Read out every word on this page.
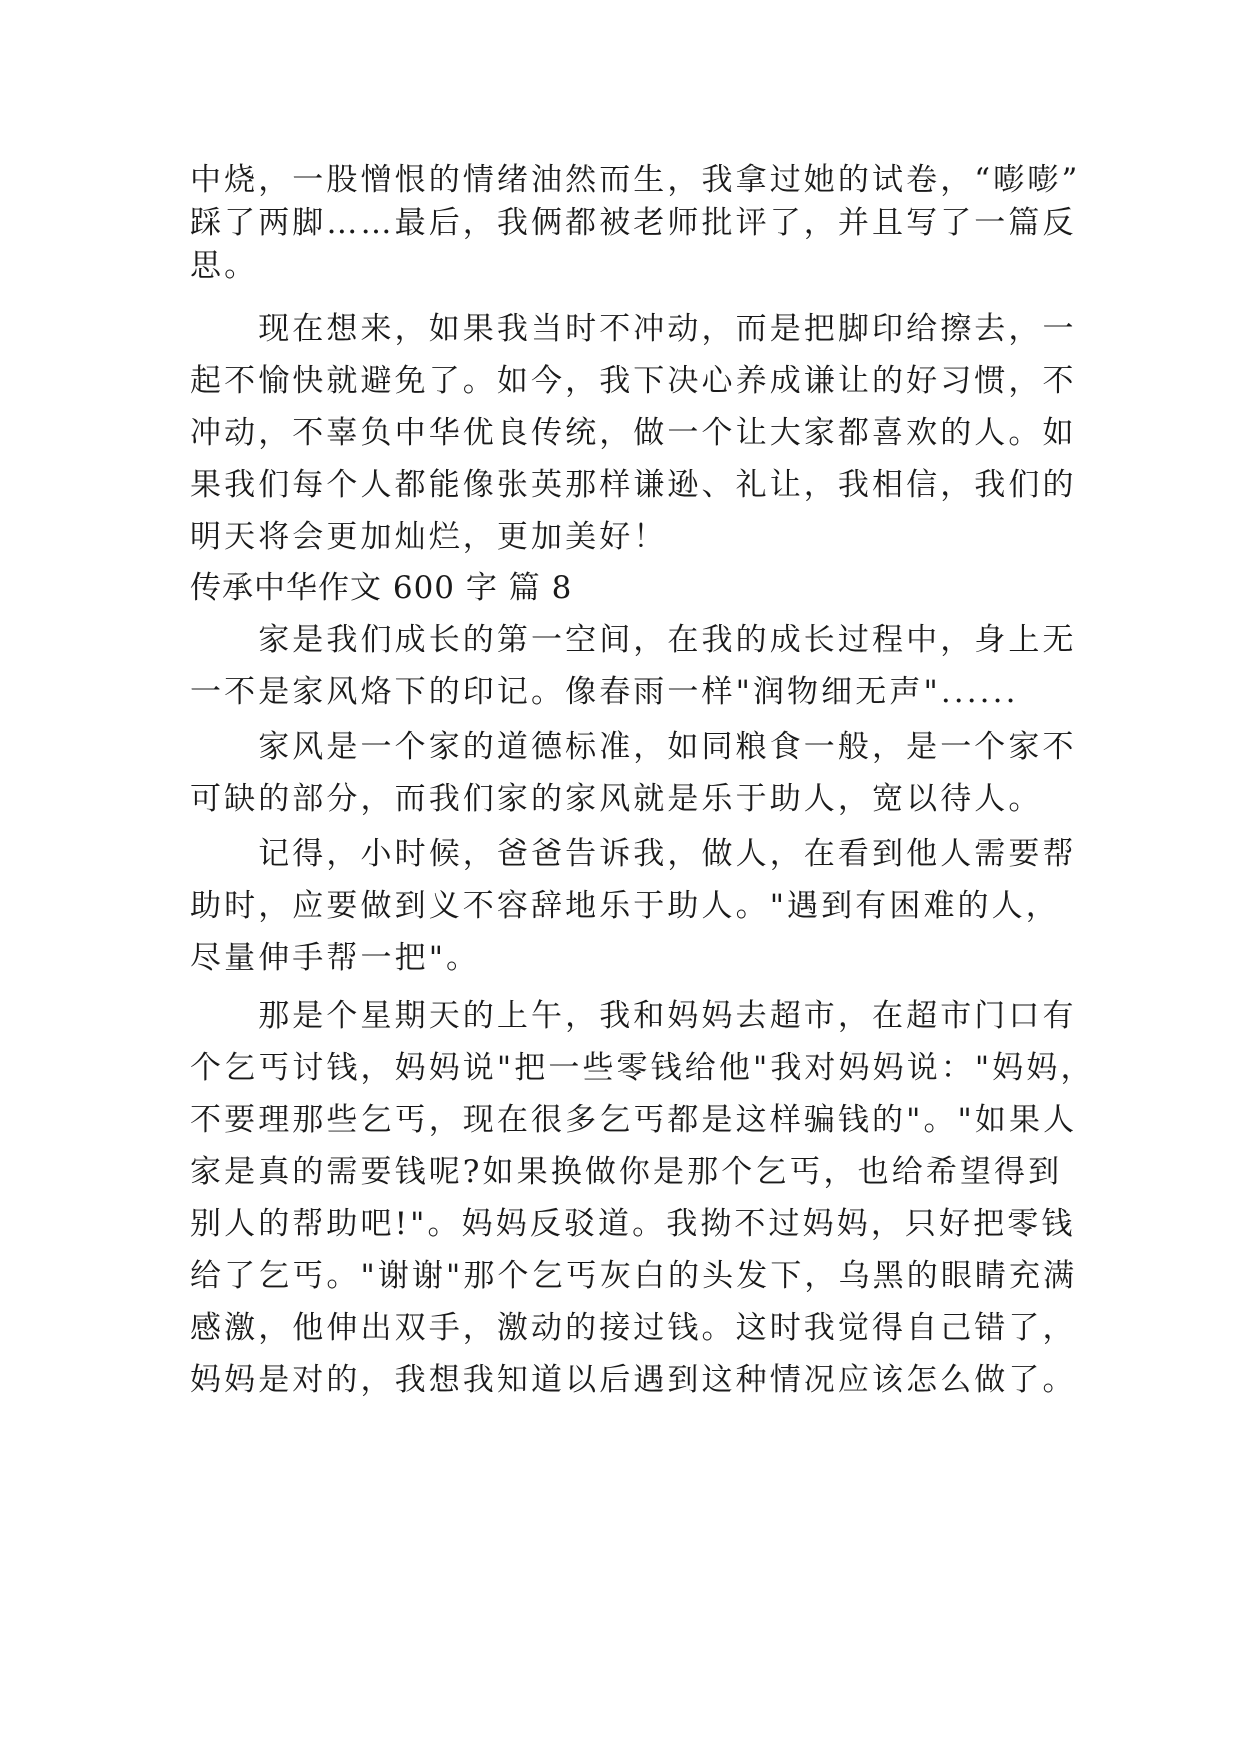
中烧，一股憎恨的情绪油然而生，我拿过她的试卷，“嘭嘭”
踩了两脚……最后，我俩都被老师批评了，并且写了一篇反
思。
　　现在想来，如果我当时不冲动，而是把脚印给擦去，一
起不愉快就避免了。如今，我下决心养成谦让的好习惯，不
冲动，不辜负中华优良传统，做一个让大家都喜欢的人。如
果我们每个人都能像张英那样谦逊、礼让，我相信，我们的
明天将会更加灿烂，更加美好！
传承中华作文 600 字 篇 8
　　家是我们成长的第一空间，在我的成长过程中，身上无
一不是家风烙下的印记。像春雨一样"润物细无声"......
　　家风是一个家的道德标准，如同粮食一般，是一个家不
可缺的部分，而我们家的家风就是乐于助人，宽以待人。
　　记得，小时候，爸爸告诉我，做人，在看到他人需要帮
助时，应要做到义不容辞地乐于助人。"遇到有困难的人，
尽量伸手帮一把"。
　　那是个星期天的上午，我和妈妈去超市，在超市门口有
个乞丐讨钱，妈妈说"把一些零钱给他"我对妈妈说："妈妈，
不要理那些乞丐，现在很多乞丐都是这样骗钱的"。"如果人
家是真的需要钱呢?如果换做你是那个乞丐，也给希望得到
别人的帮助吧!"。妈妈反驳道。我拗不过妈妈，只好把零钱
给了乞丐。"谢谢"那个乞丐灰白的头发下，乌黑的眼睛充满
感激，他伸出双手，激动的接过钱。这时我觉得自己错了，
妈妈是对的，我想我知道以后遇到这种情况应该怎么做了。
